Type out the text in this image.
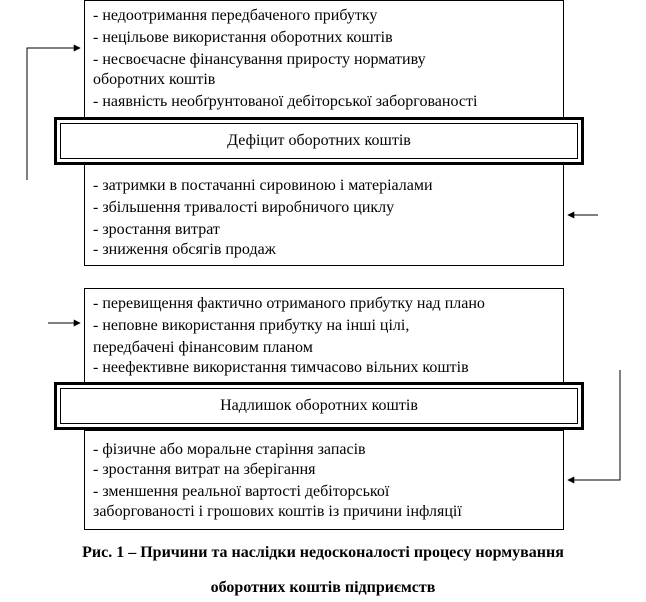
- недоотримання передбаченого прибутку
- нецільове використання оборотних коштів
- несвоєчасне фінансування приросту нормативу
оборотних коштів
- наявність необґрунтованої дебіторської заборгованості
- затримки в постачанні сировиною і матеріалами
- збільшення тривалості виробничого циклу
- зростання витрат
- зниження обсягів продаж
Дефіцит оборотних коштів
- перевищення фактично отриманого прибутку над плано
- неповне використання прибутку на інші цілі,
передбачені фінансовим планом
- неефективне використання тимчасово вільних коштів
- фізичне або моральне старіння запасів
- зростання витрат на зберігання
- зменшення реальної вартості дебіторської
заборгованості і грошових коштів із причини інфляції
Надлишок оборотних коштів
Рис. 1 – Причини та наслідки недосконалості процесу нормування
оборотних коштів підприємств
